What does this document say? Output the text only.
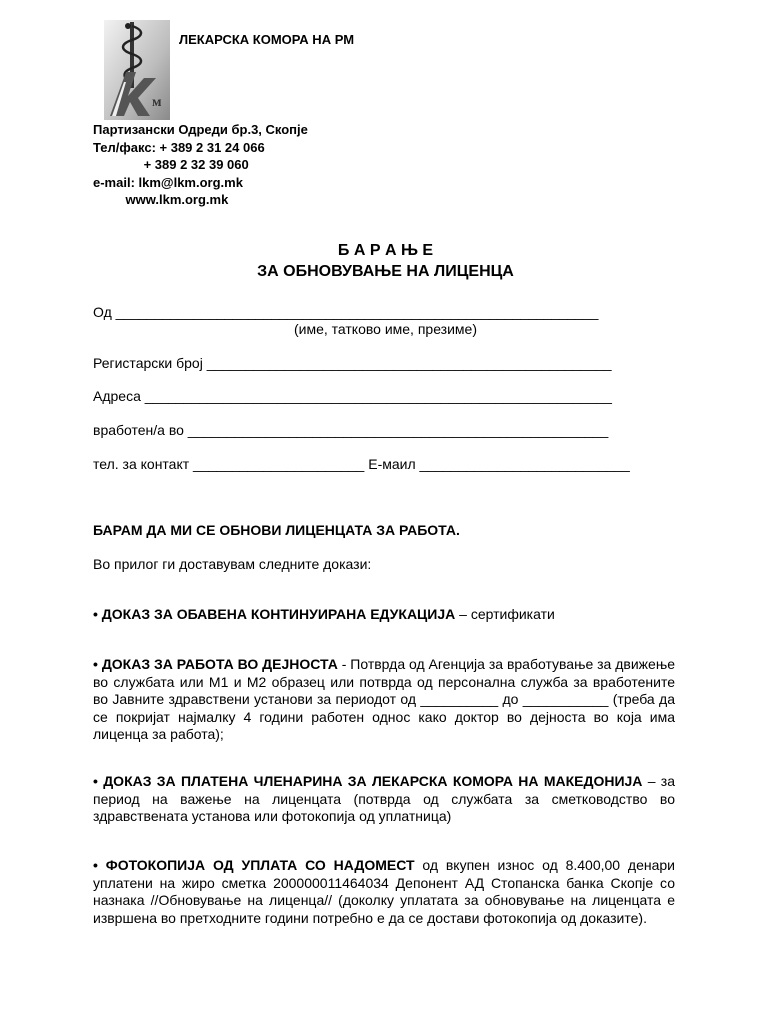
м
ЛЕКАРСКА КОМОРА НА РМ
Партизански Одреди бр.3, Скопје
Тел/факс: + 389 2 31 24 066
+ 389 2 32 39 060
e-mail: lkm@lkm.org.mk
www.lkm.org.mk
Б А Р А Њ Е
ЗА ОБНОВУВАЊЕ НА ЛИЦЕНЦА
Од ______________________________________________________________
(име, татково име, презиме)
Регистарски број ____________________________________________________
Адреса ____________________________________________________________
вработен/а во ______________________________________________________
тел. за контакт ______________________ Е-маил ___________________________
БАРАМ ДА МИ СЕ ОБНОВИ ЛИЦЕНЦАТА ЗА РАБОТА.
Во прилог ги доставувам следните докази:
• ДОКАЗ ЗА ОБАВЕНА КОНТИНУИРАНА ЕДУКАЦИЈА – сертификати
• ДОКАЗ ЗА РАБОТА ВО ДЕЈНОСТА - Потврда од Агенција за вработување за движење во службата или М1 и М2 образец или потврда од персонална служба за вработените во Јавните здравствени установи за периодот од __________ до ___________ (треба да се покријат најмалку 4 години работен однос како доктор во дејноста во која има лиценца за работа);
• ДОКАЗ ЗА ПЛАТЕНА ЧЛЕНАРИНА ЗА ЛЕКАРСКА КОМОРА НА МАКЕДОНИЈА – за период на важење на лиценцата (потврда од службата за сметководство во здравствената установа или фотокопија од уплатница)
• ФОТОКОПИЈА ОД УПЛАТА СО НАДОМЕСТ од вкупен износ од 8.400,00 денари уплатени на жиро сметка 200000011464034 Депонент АД Стопанска банка Скопје со назнака //Обновување на лиценца// (доколку уплатата за обновување на лиценцата е извршена во претходните години потребно е да се достави фотокопија од доказите).
